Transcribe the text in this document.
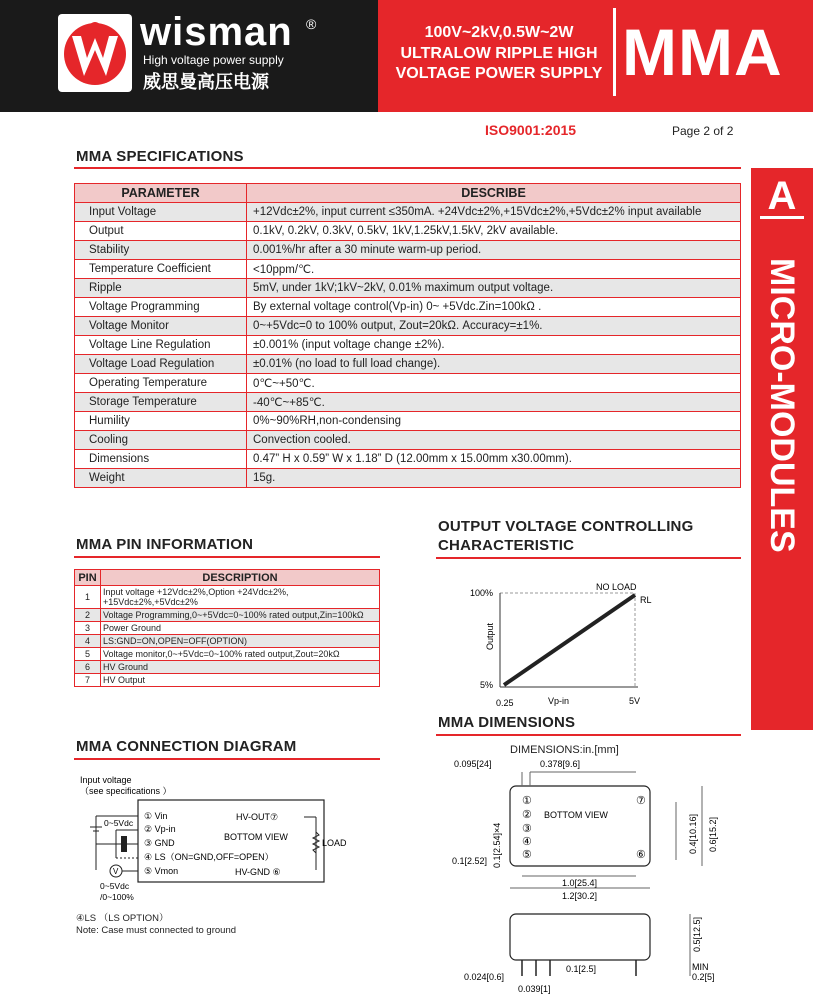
wisman ®
High voltage power supply
威思曼高压电源
100V~2kV,0.5W~2W
ULTRALOW RIPPLE HIGH
VOLTAGE POWER SUPPLY MMA
ISO9001:2015	Page 2 of 2
A
MICRO-MODULES
MMA SPECIFICATIONS
PARAMETER	DESCRIBE
Input Voltage	+12Vdc±2%, input current ≤350mA. +24Vdc±2%,+15Vdc±2%,+5Vdc±2% input available
Output	0.1kV, 0.2kV, 0.3kV, 0.5kV, 1kV,1.25kV,1.5kV, 2kV available.
Stability	0.001%/hr after a 30 minute warm-up period.
Temperature Coefficient	<10ppm/℃.
Ripple	5mV, under 1kV;1kV~2kV, 0.01% maximum output voltage.
Voltage Programming	By external voltage control(Vp-in) 0~ +5Vdc.Zin=100kΩ .
Voltage Monitor	0~+5Vdc=0 to 100% output, Zout=20kΩ. Accuracy=±1%.
Voltage Line Regulation	±0.001% (input voltage change ±2%).
Voltage Load Regulation	±0.01% (no load to full load change).
Operating Temperature	0℃~+50℃.
Storage Temperature	-40℃~+85℃.
Humility	0%~90%RH,non-condensing
Cooling	Convection cooled.
Dimensions	0.47” H x 0.59” W x 1.18” D (12.00mm x 15.00mm x30.00mm).
Weight	15g.
MMA PIN INFORMATION
PIN	DESCRIPTION
1	Input voltage +12Vdc±2%,Option +24Vdc±2%,
+15Vdc±2%,+5Vdc±2%

2	Voltage Programming,0~+5Vdc=0~100% rated output,Zin=100kΩ

3	Power Ground

4	LS:GND=ON,OPEN=OFF(OPTION)

5	Voltage monitor,0~+5Vdc=0~100% rated output,Zout=20kΩ

6	HV Ground

7	HV Output
OUTPUT VOLTAGE CONTROLLING
CHARACTERISTIC
100%
5%
Output
0.25	Vp-in	5V
NO LOAD
RL
MMA CONNECTION DIAGRAM
Input voltage
（see specifications ）
① Vin
② Vp-in
③ GND
④ LS（ON=GND,OFF=OPEN）
⑤ Vmon
HV-OUT⑦
BOTTOM VIEW
HV-GND ⑥
V
0~5Vdc
0~5Vdc
/0~100%
LOAD
④LS （LS OPTION）
Note: Case must connected to ground
MMA DIMENSIONS
DIMENSIONS:in.[mm]
0.095[24]	0.378[9.6]
①
②
③
④
⑤	⑥
⑦
BOTTOM VIEW
0.1[2.54]×4
0.1[2.52]
0.4[10.16] 0.6[15.2]
1.0[25.4]
1.2[30.2]
0.5[12.5]
MIN
0.2[5]
0.024[0.6]
0.1[2.5]
0.039[1]
